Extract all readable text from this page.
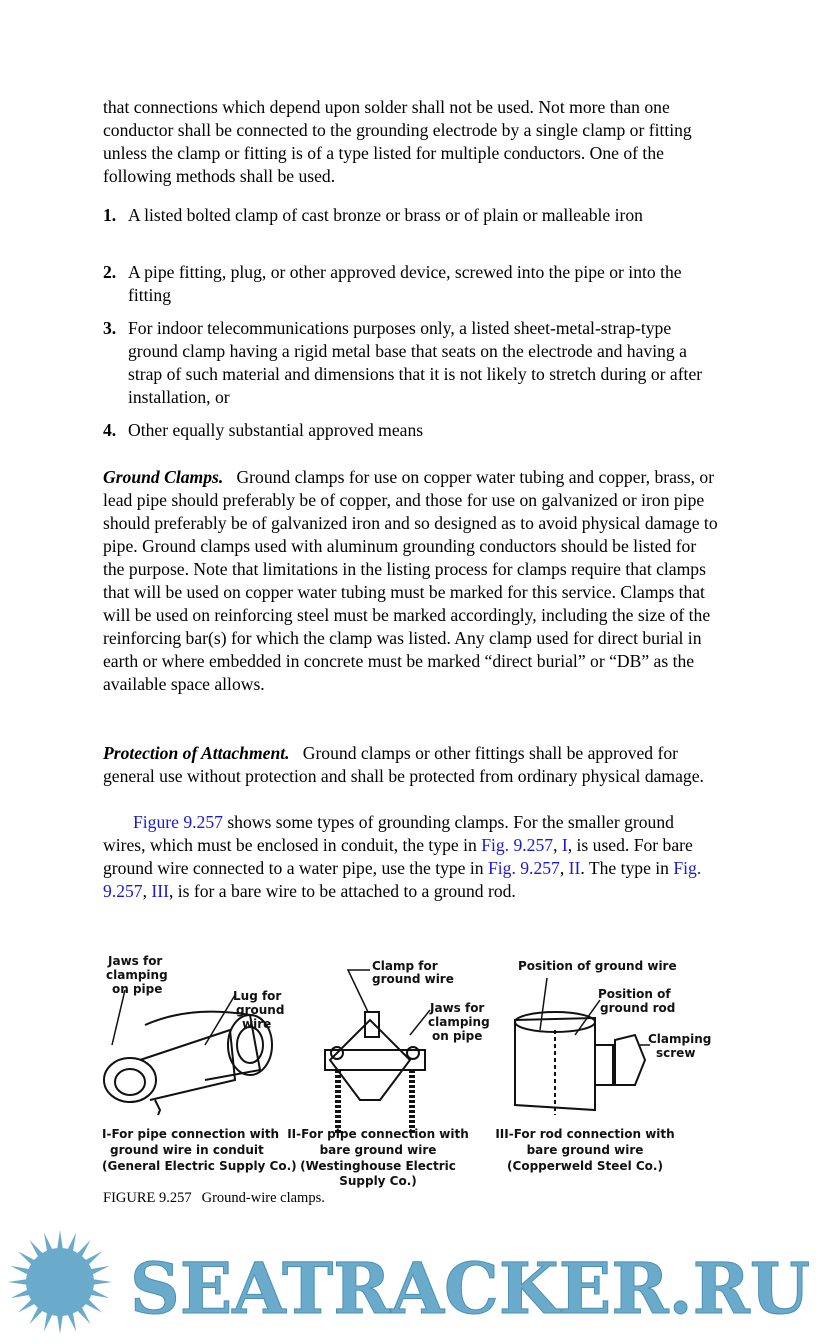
that connections which depend upon solder shall not be used. Not more than one conductor shall be connected to the grounding electrode by a single clamp or fitting unless the clamp or fitting is of a type listed for multiple conductors. One of the following methods shall be used.
1. A listed bolted clamp of cast bronze or brass or of plain or malleable iron
2. A pipe fitting, plug, or other approved device, screwed into the pipe or into the fitting
3. For indoor telecommunications purposes only, a listed sheet-metal-strap-type ground clamp having a rigid metal base that seats on the electrode and having a strap of such material and dimensions that it is not likely to stretch during or after installation, or
4. Other equally substantial approved means
Ground Clamps. Ground clamps for use on copper water tubing and copper, brass, or lead pipe should preferably be of copper, and those for use on galvanized or iron pipe should preferably be of galvanized iron and so designed as to avoid physical damage to pipe. Ground clamps used with aluminum grounding conductors should be listed for the purpose. Note that limitations in the listing process for clamps require that clamps that will be used on copper water tubing must be marked for this service. Clamps that will be used on reinforcing steel must be marked accordingly, including the size of the reinforcing bar(s) for which the clamp was listed. Any clamp used for direct burial in earth or where embedded in concrete must be marked “direct burial” or “DB” as the available space allows.
Protection of Attachment. Ground clamps or other fittings shall be approved for general use without protection and shall be protected from ordinary physical damage.
Figure 9.257 shows some types of grounding clamps. For the smaller ground wires, which must be enclosed in conduit, the type in Fig. 9.257, I, is used. For bare ground wire connected to a water pipe, use the type in Fig. 9.257, II. The type in Fig. 9.257, III, is for a bare wire to be attached to a ground rod.
Jaws for clamping on pipe	Lug for ground wire
Clamp for ground wire
Jaws for clamping on pipe
Position of ground wire
Position of ground rod
Clamping screw
I-For pipe connection with ground wire in conduit (General Electric Supply Co.)
II-For pipe connection with bare ground wire (Westinghouse Electric Supply Co.)
III-For rod connection with bare ground wire (Copperweld Steel Co.)
FIGURE 9.257 Ground-wire clamps.
SEATRACKER.RU
